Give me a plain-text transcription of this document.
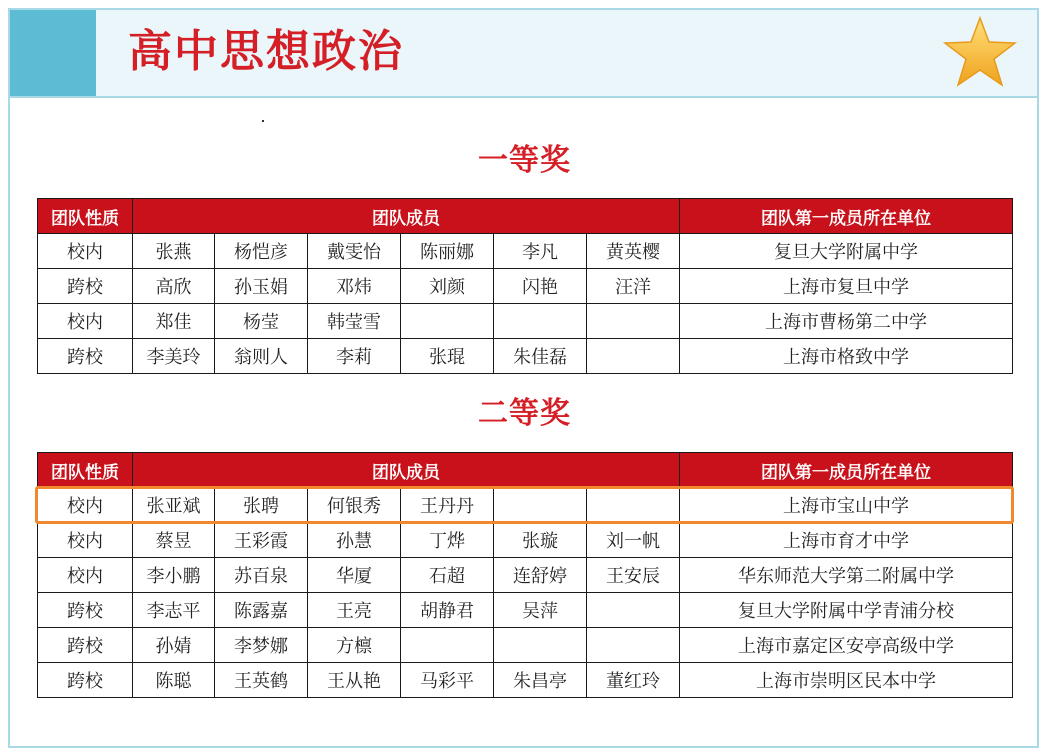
高中思想政治
一等奖
团队性质	团队成员						团队第一成员所在单位
校内	张燕	杨恺彦	戴雯怡	陈丽娜	李凡	黄英樱	复旦大学附属中学
跨校	高欣	孙玉娟	邓炜	刘颜	闪艳	汪洋	上海市复旦中学
校内	郑佳	杨莹	韩莹雪				上海市曹杨第二中学
跨校	李美玲	翁则人	李莉	张琨	朱佳磊		上海市格致中学
二等奖
团队性质	团队成员						团队第一成员所在单位
校内	张亚斌	张聘	何银秀	王丹丹			上海市宝山中学
校内	蔡昱	王彩霞	孙慧	丁烨	张璇	刘一帆	上海市育才中学
校内	李小鹏	苏百泉	华厦	石超	连舒婷	王安辰	华东师范大学第二附属中学
跨校	李志平	陈露嘉	王亮	胡静君	吴萍		复旦大学附属中学青浦分校
跨校	孙婧	李梦娜	方檩				上海市嘉定区安亭高级中学
跨校	陈聪	王英鹤	王从艳	马彩平	朱昌亭	董红玲	上海市崇明区民本中学
